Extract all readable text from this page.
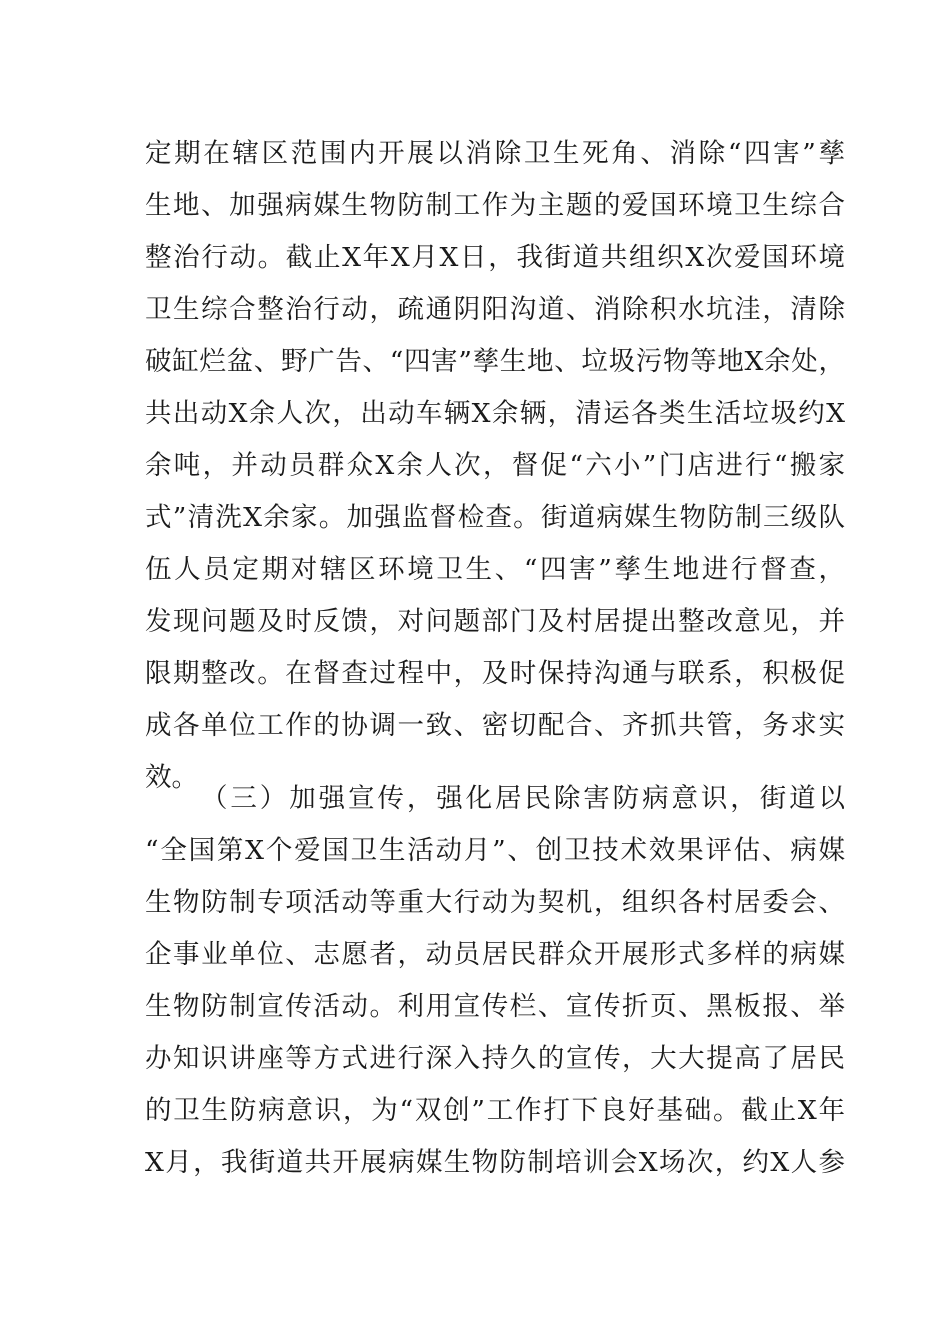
定期在辖区范围内开展以消除卫生死角、消除“四害”孳
生地、加强病媒生物防制工作为主题的爱国环境卫生综合
整治行动。截止X年X月X日，我街道共组织X次爱国环境
卫生综合整治行动，疏通阴阳沟道、消除积水坑洼，清除
破缸烂盆、野广告、“四害”孳生地、垃圾污物等地X余处，
共出动X余人次，出动车辆X余辆，清运各类生活垃圾约X
余吨，并动员群众X余人次，督促“六小”门店进行“搬家
式”清洗X余家。加强监督检查。街道病媒生物防制三级队
伍人员定期对辖区环境卫生、“四害”孳生地进行督查，
发现问题及时反馈，对问题部门及村居提出整改意见，并
限期整改。在督查过程中，及时保持沟通与联系，积极促
成各单位工作的协调一致、密切配合、齐抓共管，务求实
效。
（三）加强宣传，强化居民除害防病意识，街道以
“全国第X个爱国卫生活动月”、创卫技术效果评估、病媒
生物防制专项活动等重大行动为契机，组织各村居委会、
企事业单位、志愿者，动员居民群众开展形式多样的病媒
生物防制宣传活动。利用宣传栏、宣传折页、黑板报、举
办知识讲座等方式进行深入持久的宣传，大大提高了居民
的卫生防病意识，为“双创”工作打下良好基础。截止X年
X月，我街道共开展病媒生物防制培训会X场次，约X人参
